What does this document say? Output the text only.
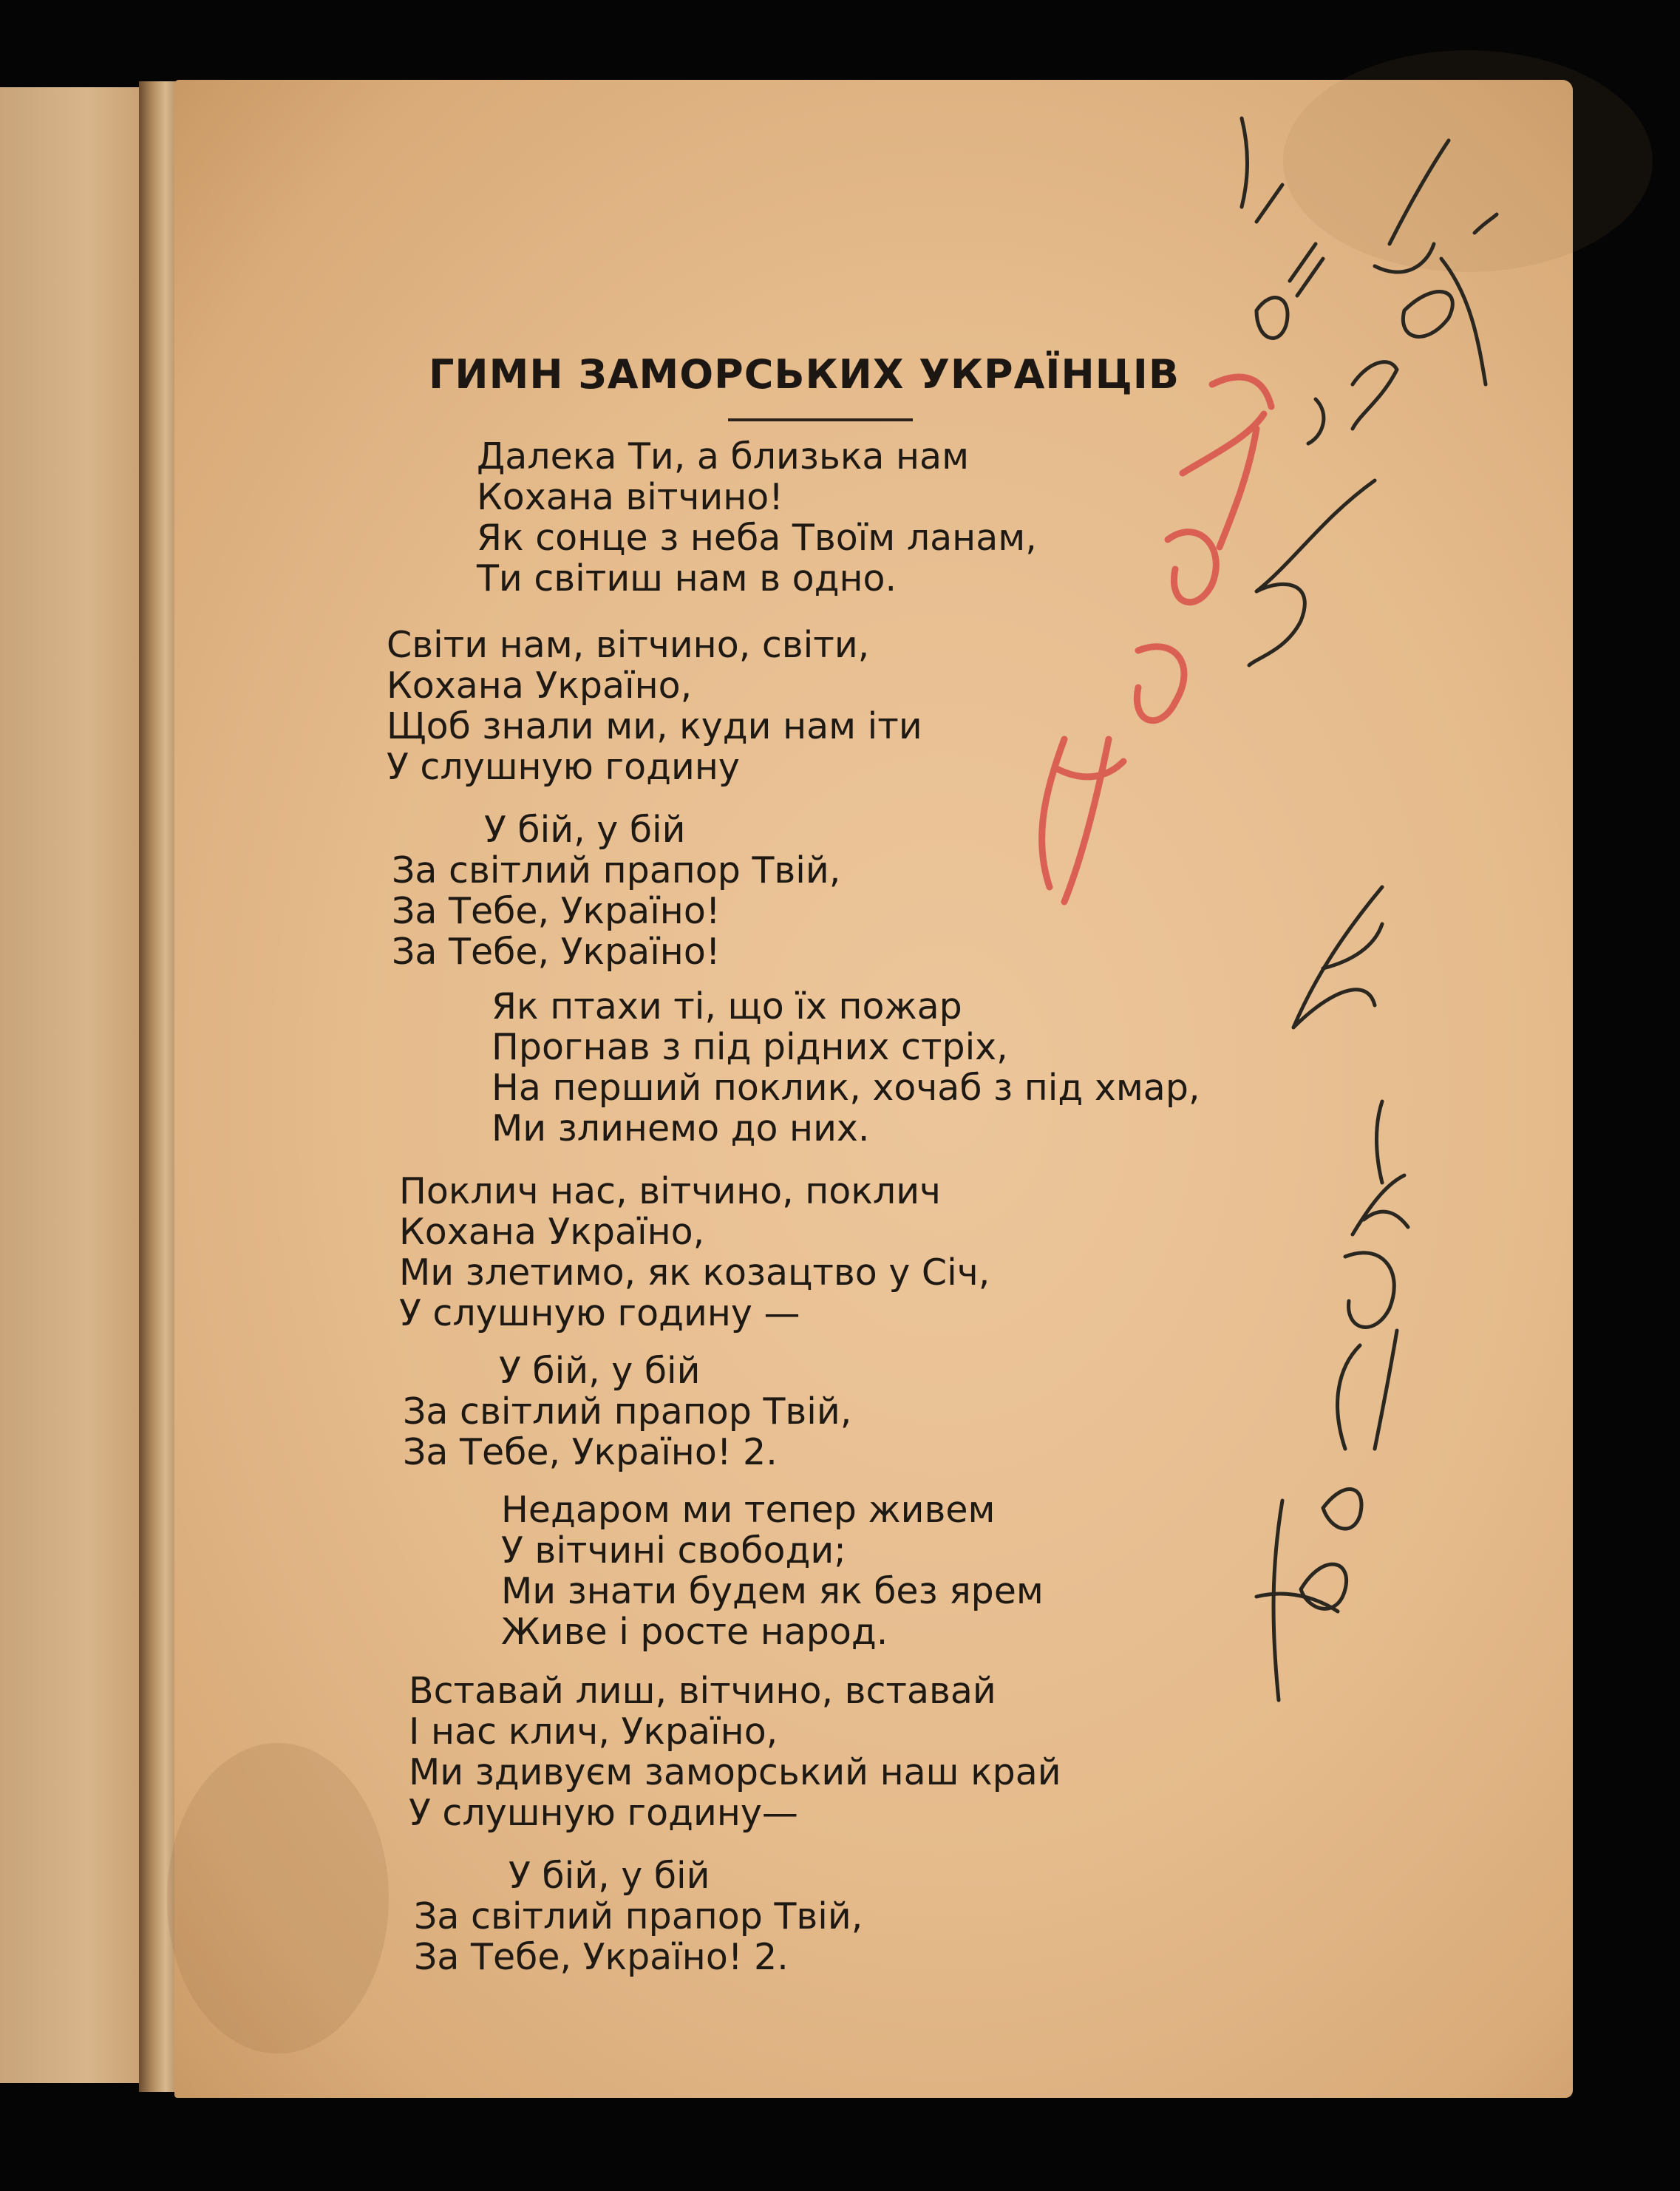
ГИМН ЗАМОРСЬКИХ УКРАЇНЦІВ
Далека Ти, а близька нам
Кохана вітчино!
Як сонце з неба Твоїм ланам,
Ти світиш нам в одно.
Світи нам, вітчино, світи,
Кохана Україно,
Щоб знали ми, куди нам іти
У слушную годину
У бій, у бій
За світлий прапор Твій,
За Тебе, Україно!
За Тебе, Україно!
Як птахи ті, що їх пожар
Прогнав з під рідних стріх,
На перший поклик, хочаб з під хмар,
Ми злинемо до них.
Поклич нас, вітчино, поклич
Кохана Україно,
Ми злетимо, як козацтво у Січ,
У слушную годину —
У бій, у бій
За світлий прапор Твій,
За Тебе, Україно! 2.
Недаром ми тепер живем
У вітчині свободи;
Ми знати будем як без ярем
Живе і росте народ.
Вставай лиш, вітчино, вставай
І нас клич, Україно,
Ми здивуєм заморський наш край
У слушную годину—
У бій, у бій
За світлий прапор Твій,
За Тебе, Україно! 2.
